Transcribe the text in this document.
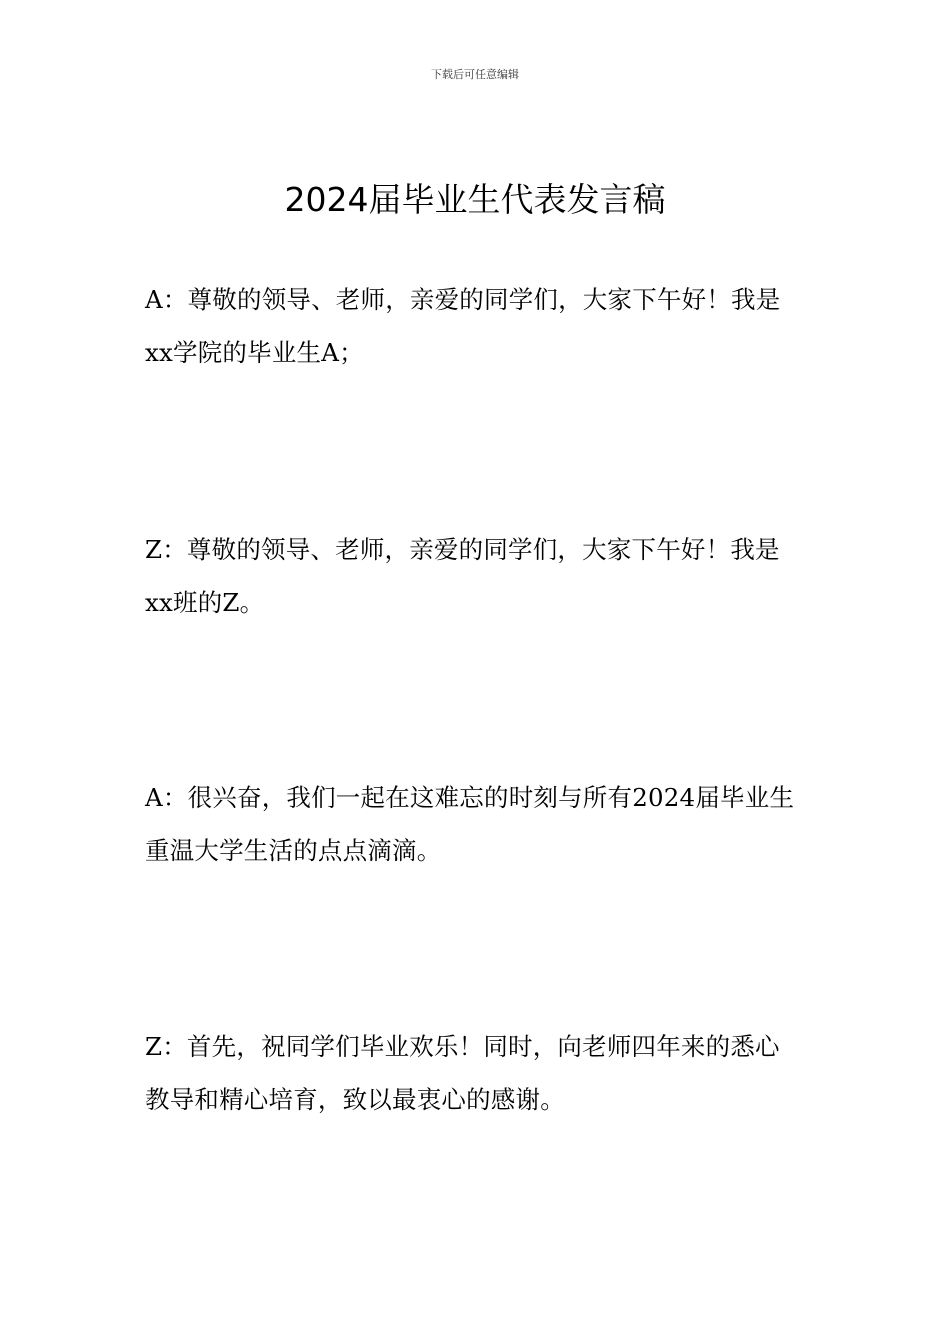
下载后可任意编辑
2024届毕业生代表发言稿

A：尊敬的领导、老师，亲爱的同学们，大家下午好！我是
xx学院的毕业生A；

Z：尊敬的领导、老师，亲爱的同学们，大家下午好！我是
xx班的Z。

A：很兴奋，我们一起在这难忘的时刻与所有2024届毕业生
重温大学生活的点点滴滴。

Z：首先，祝同学们毕业欢乐！同时，向老师四年来的悉心
教导和精心培育，致以最衷心的感谢。
